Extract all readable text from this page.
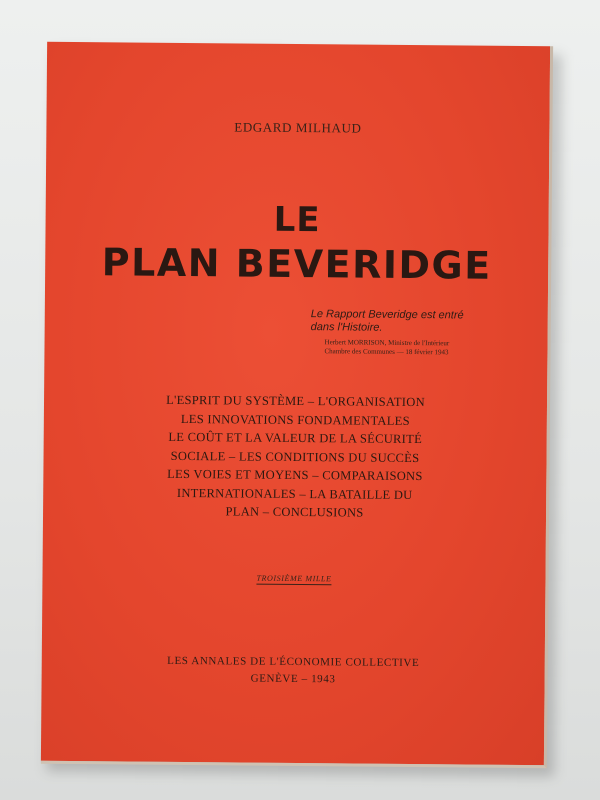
EDGARD MILHAUD
LE
PLAN BEVERIDGE
Le Rapport Beveridge est entré
dans l'Histoire.
Herbert MORRISON, Ministre de l'Intérieur
Chambre des Communes — 18 février 1943
L'ESPRIT DU SYSTÈME – L'ORGANISATION
LES INNOVATIONS FONDAMENTALES
LE COÛT ET LA VALEUR DE LA SÉCURITÉ
SOCIALE – LES CONDITIONS DU SUCCÈS
LES VOIES ET MOYENS – COMPARAISONS
INTERNATIONALES – LA BATAILLE DU
PLAN – CONCLUSIONS
TROISIÈME MILLE
LES ANNALES DE L'ÉCONOMIE COLLECTIVE
GENÈVE – 1943
